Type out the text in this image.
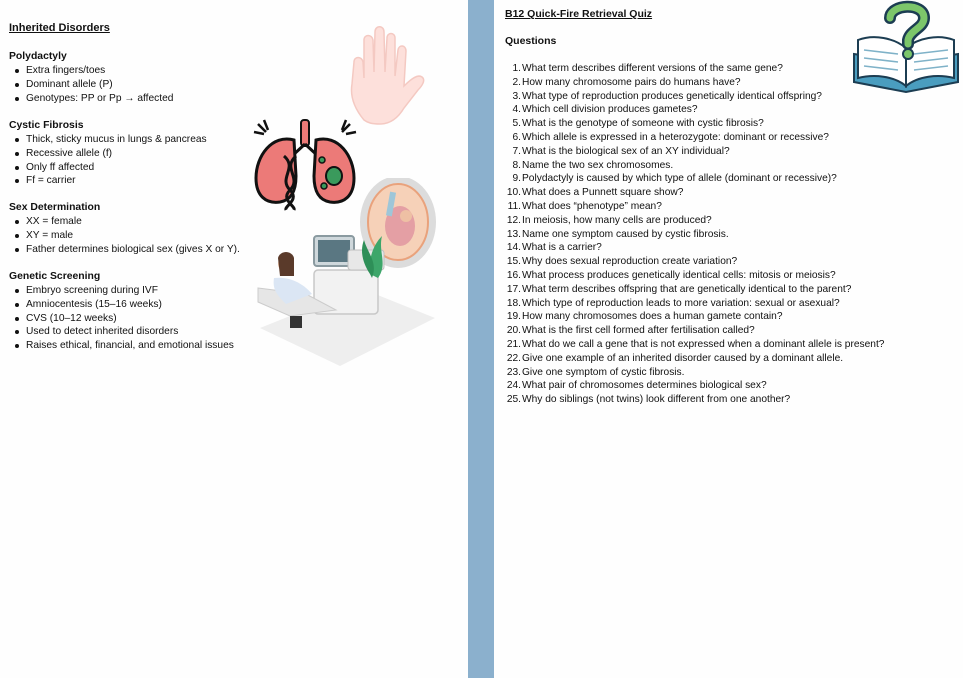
Inherited Disorders
Polydactyly
Extra fingers/toes
Dominant allele (P)
Genotypes: PP or Pp → affected
Cystic Fibrosis
Thick, sticky mucus in lungs & pancreas
Recessive allele (f)
Only ff affected
Ff = carrier
Sex Determination
XX = female
XY = male
Father determines biological sex (gives X or Y).
Genetic Screening
Embryo screening during IVF
Amniocentesis (15–16 weeks)
CVS (10–12 weeks)
Used to detect inherited disorders
Raises ethical, financial, and emotional issues
B12 Quick-Fire Retrieval Quiz
Questions
1. What term describes different versions of the same gene?
2. How many chromosome pairs do humans have?
3. What type of reproduction produces genetically identical offspring?
4. Which cell division produces gametes?
5. What is the genotype of someone with cystic fibrosis?
6. Which allele is expressed in a heterozygote: dominant or recessive?
7. What is the biological sex of an XY individual?
8. Name the two sex chromosomes.
9. Polydactyly is caused by which type of allele (dominant or recessive)?
10. What does a Punnett square show?
11. What does “phenotype” mean?
12. In meiosis, how many cells are produced?
13. Name one symptom caused by cystic fibrosis.
14. What is a carrier?
15. Why does sexual reproduction create variation?
16. What process produces genetically identical cells: mitosis or meiosis?
17. What term describes offspring that are genetically identical to the parent?
18. Which type of reproduction leads to more variation: sexual or asexual?
19. How many chromosomes does a human gamete contain?
20. What is the first cell formed after fertilisation called?
21. What do we call a gene that is not expressed when a dominant allele is present?
22. Give one example of an inherited disorder caused by a dominant allele.
23. Give one symptom of cystic fibrosis.
24. What pair of chromosomes determines biological sex?
25. Why do siblings (not twins) look different from one another?
